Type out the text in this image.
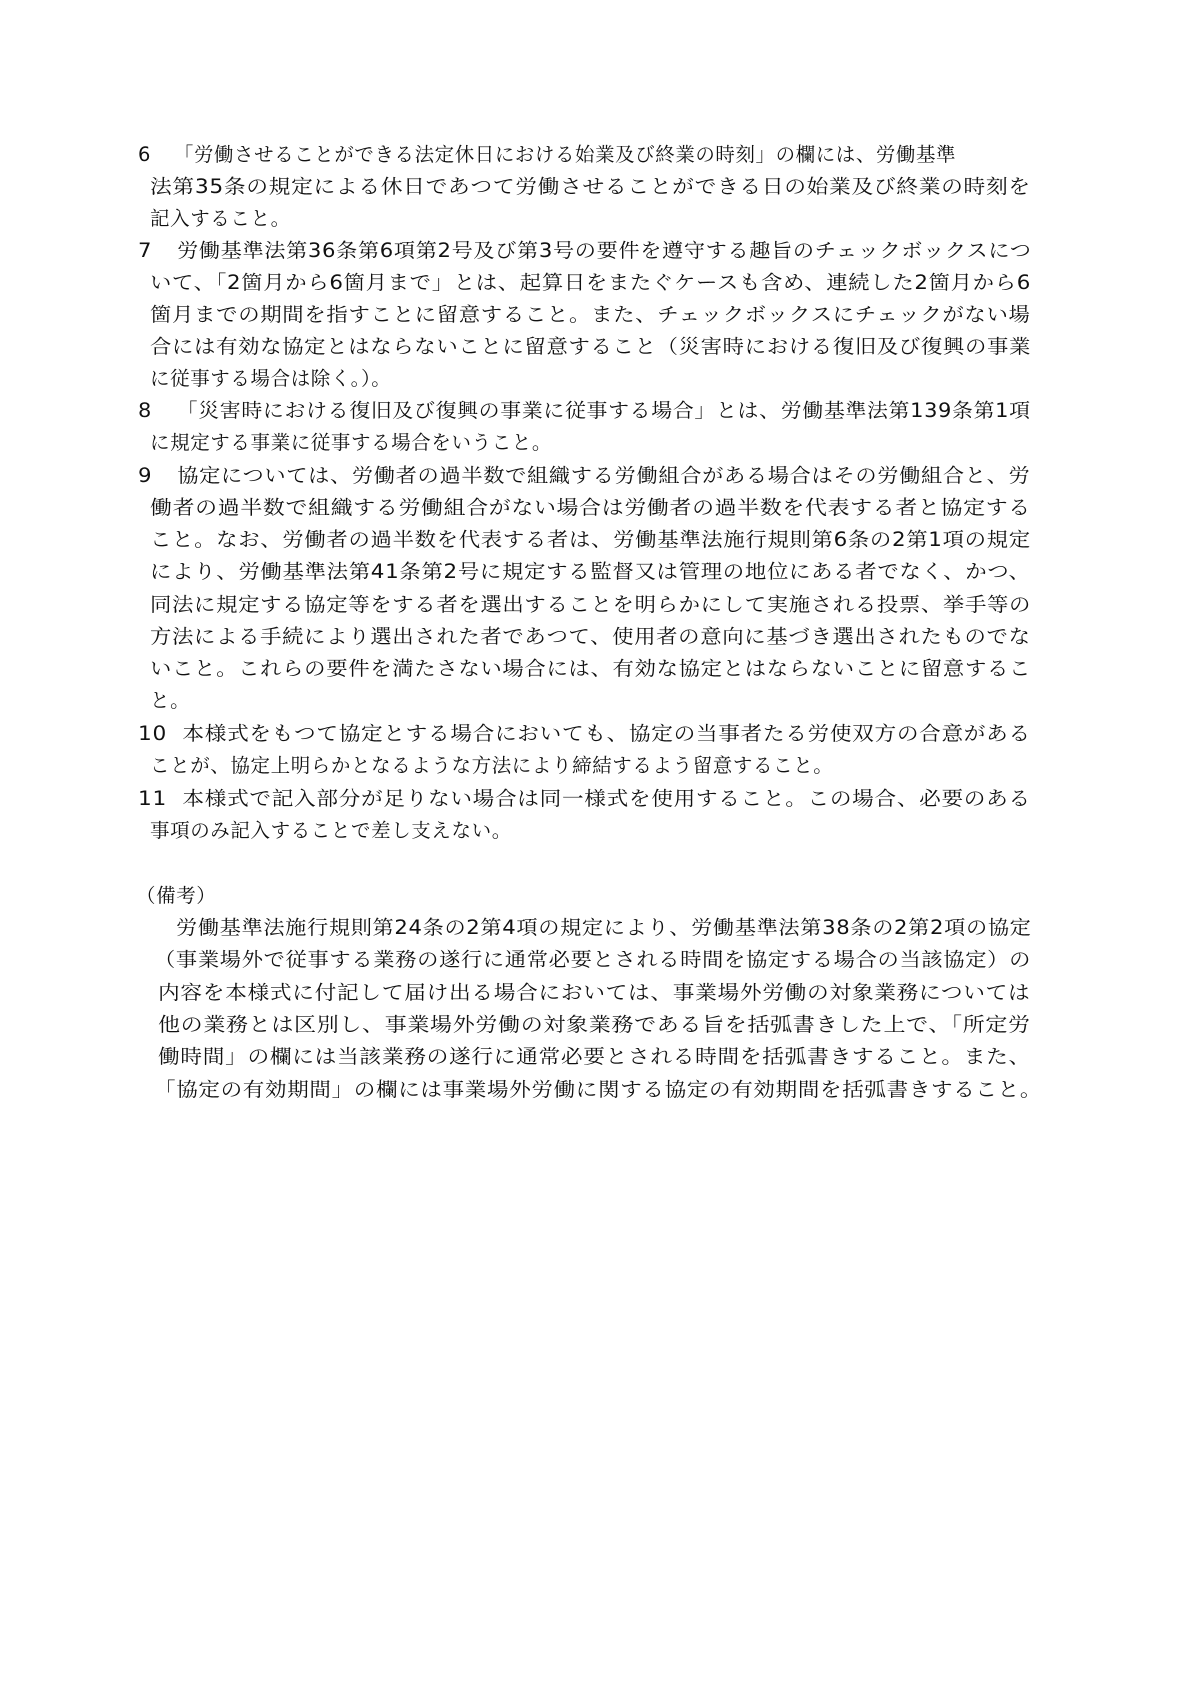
6 「労働させることができる法定休日における始業及び終業の時刻」の欄には、労働基準
法第35条の規定による休日であつて労働させることができる日の始業及び終業の時刻を
記入すること。
7 労働基準法第36条第6項第2号及び第3号の要件を遵守する趣旨のチェックボックスにつ
いて、「2箇月から6箇月まで」とは、起算日をまたぐケースも含め、連続した2箇月から6
箇月までの期間を指すことに留意すること。また、チェックボックスにチェックがない場
合には有効な協定とはならないことに留意すること（災害時における復旧及び復興の事業
に従事する場合は除く。）。
8 「災害時における復旧及び復興の事業に従事する場合」とは、労働基準法第139条第1項
に規定する事業に従事する場合をいうこと。
9 協定については、労働者の過半数で組織する労働組合がある場合はその労働組合と、労
働者の過半数で組織する労働組合がない場合は労働者の過半数を代表する者と協定する
こと。なお、労働者の過半数を代表する者は、労働基準法施行規則第6条の2第1項の規定
により、労働基準法第41条第2号に規定する監督又は管理の地位にある者でなく、かつ、
同法に規定する協定等をする者を選出することを明らかにして実施される投票、挙手等の
方法による手続により選出された者であつて、使用者の意向に基づき選出されたものでな
いこと。これらの要件を満たさない場合には、有効な協定とはならないことに留意するこ
と。
10 本様式をもつて協定とする場合においても、協定の当事者たる労使双方の合意がある
ことが、協定上明らかとなるような方法により締結するよう留意すること。
11 本様式で記入部分が足りない場合は同一様式を使用すること。この場合、必要のある
事項のみ記入することで差し支えない。
（備考）
労働基準法施行規則第24条の2第4項の規定により、労働基準法第38条の2第2項の協定
（事業場外で従事する業務の遂行に通常必要とされる時間を協定する場合の当該協定）の
内容を本様式に付記して届け出る場合においては、事業場外労働の対象業務については
他の業務とは区別し、事業場外労働の対象業務である旨を括弧書きした上で、「所定労
働時間」の欄には当該業務の遂行に通常必要とされる時間を括弧書きすること。また、
「協定の有効期間」の欄には事業場外労働に関する協定の有効期間を括弧書きすること。
